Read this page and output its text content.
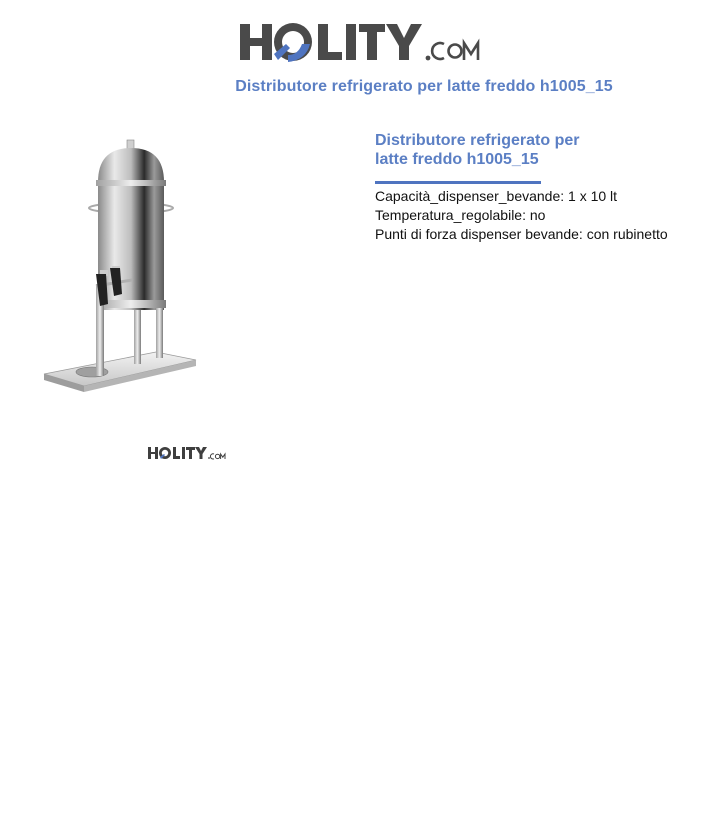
Distributore refrigerato per latte freddo h1005_15
Distributore refrigerato per
latte freddo h1005_15
Capacità_dispenser_bevande: 1 x 10 lt
Temperatura_regolabile: no
Punti di forza dispenser bevande: con rubinetto
